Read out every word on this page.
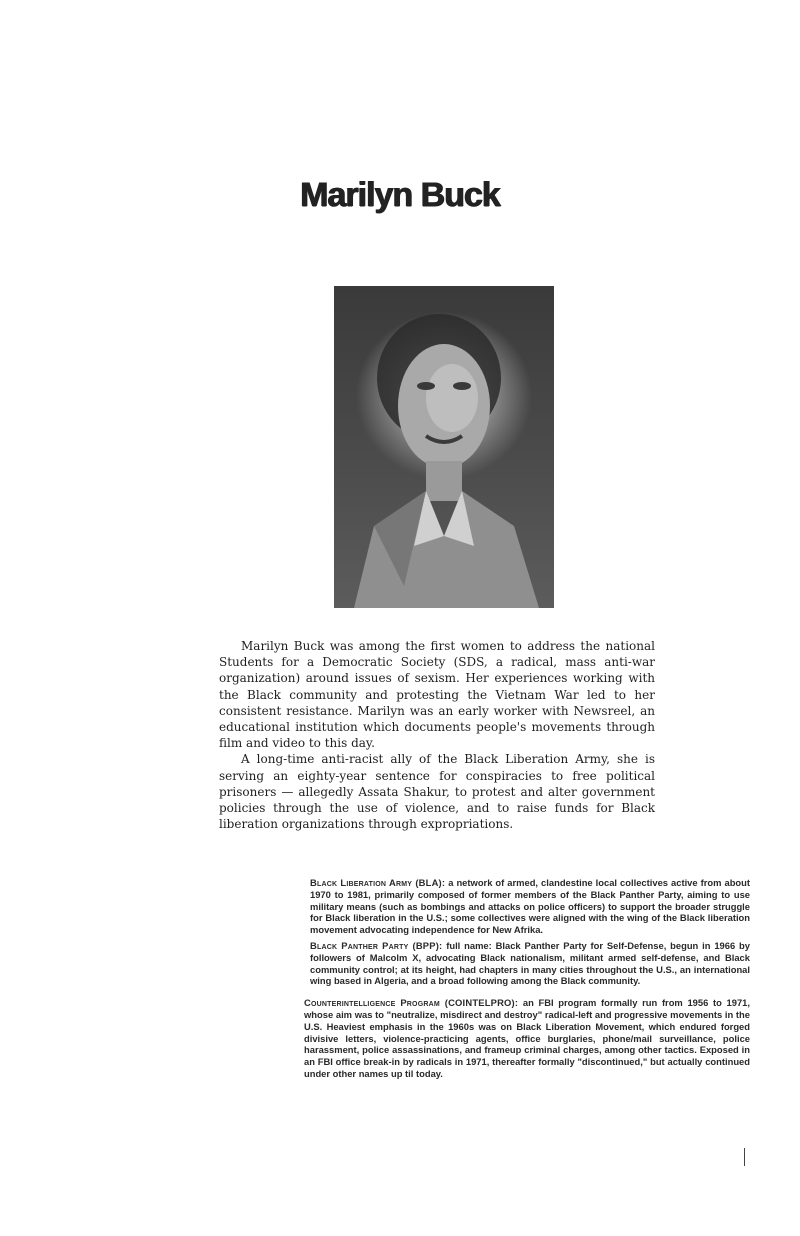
Marilyn Buck

Marilyn Buck was among the first women to address the national Students for a Democratic Society (SDS, a radical, mass anti-war organization) around issues of sexism. Her experiences working with the Black community and protesting the Vietnam War led to her consistent resistance. Marilyn was an early worker with Newsreel, an educational institution which documents people's movements through film and video to this day.

A long-time anti-racist ally of the Black Liberation Army, she is serving an eighty-year sentence for conspiracies to free political prisoners — allegedly Assata Shakur, to protest and alter government policies through the use of violence, and to raise funds for Black liberation organizations through expropriations.

Black Liberation Army (BLA): a network of armed, clandestine local collectives active from about 1970 to 1981, primarily composed of former members of the Black Panther Party, aiming to use military means (such as bombings and attacks on police officers) to support the broader struggle for Black liberation in the U.S.; some collectives were aligned with the wing of the Black liberation movement advocating independence for New Afrika.

Black Panther Party (BPP): full name: Black Panther Party for Self-Defense, begun in 1966 by followers of Malcolm X, advocating Black nationalism, militant armed self-defense, and Black community control; at its height, had chapters in many cities throughout the U.S., an international wing based in Algeria, and a broad following among the Black community.

Counterintelligence Program (COINTELPRO): an FBI program formally run from 1956 to 1971, whose aim was to "neutralize, misdirect and destroy" radical-left and progressive movements in the U.S. Heaviest emphasis in the 1960s was on Black Liberation Movement, which endured forged divisive letters, violence-practicing agents, office burglaries, phone/mail surveillance, police harassment, police assassinations, and frameup criminal charges, among other tactics. Exposed in an FBI office break-in by radicals in 1971, thereafter formally "discontinued," but actually continued under other names up til today.
